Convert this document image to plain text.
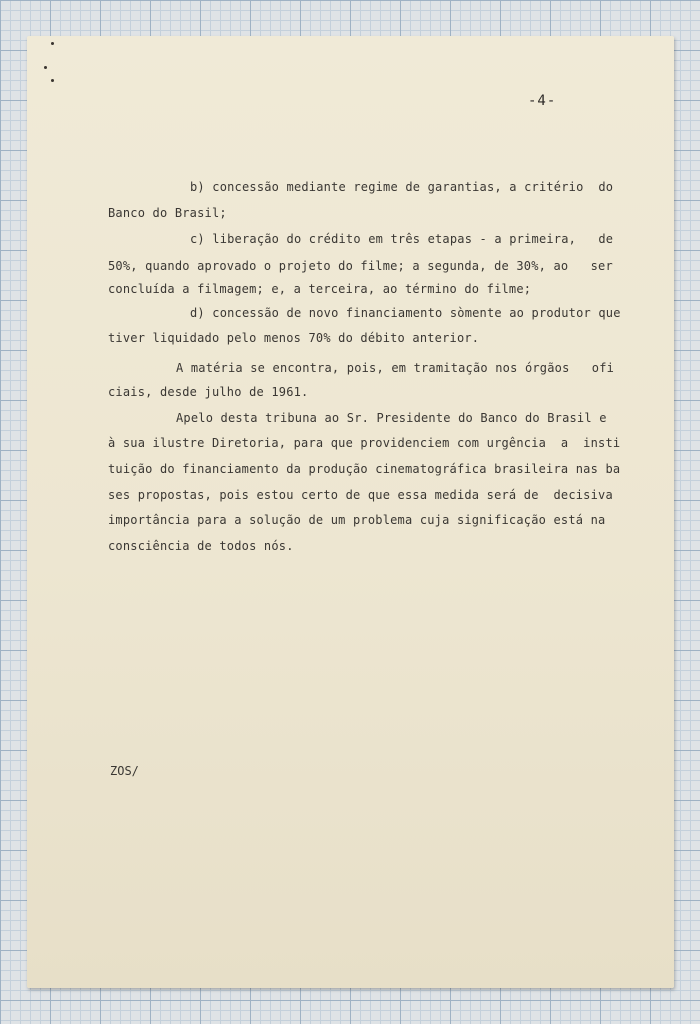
-4-
b) concessão mediante regime de garantias, a critério  do
Banco do Brasil;
c) liberação do crédito em três etapas - a primeira,   de
50%, quando aprovado o projeto do filme; a segunda, de 30%, ao   ser
concluída a filmagem; e, a terceira, ao término do filme;
d) concessão de novo financiamento sòmente ao produtor que
tiver liquidado pelo menos 70% do débito anterior.
A matéria se encontra, pois, em tramitação nos órgãos   ofi
ciais, desde julho de 1961.
Apelo desta tribuna ao Sr. Presidente do Banco do Brasil e
à sua ilustre Diretoria, para que providenciem com urgência  a  insti
tuição do financiamento da produção cinematográfica brasileira nas ba
ses propostas, pois estou certo de que essa medida será de  decisiva
importância para a solução de um problema cuja significação está na
consciência de todos nós.
ZOS/
